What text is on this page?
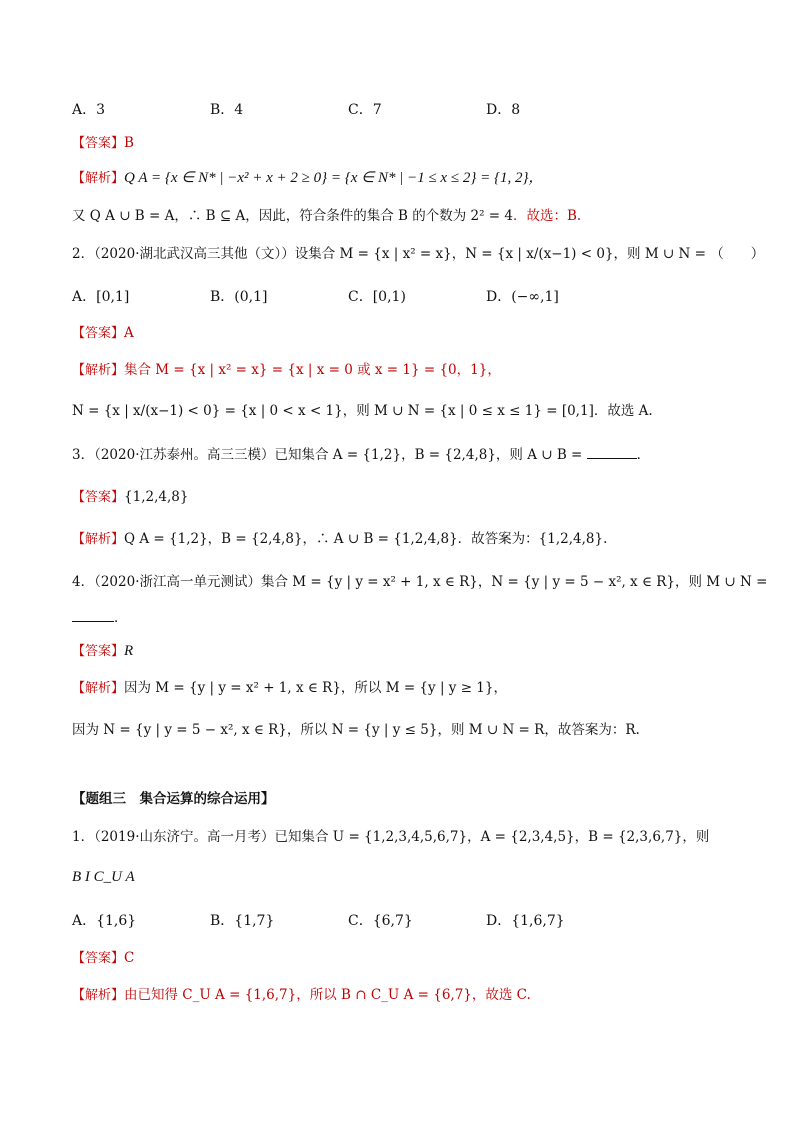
A．3	B．4	C．7	D．8
【答案】B
【解析】Q A = {x ∈ N* | −x² + x + 2 ≥ 0} = {x ∈ N* | −1 ≤ x ≤ 2} = {1, 2}，
又 Q A ∪ B = A，∴ B ⊆ A，因此，符合条件的集合 B 的个数为 2² = 4．故选：B.
2．（2020·湖北武汉高三其他（文））设集合 M = {x | x² = x}，N = {x | x/(x−1) < 0}，则 M ∪ N = （　　）
A．[0,1]	B．(0,1]	C．[0,1)	D．(−∞,1]
【答案】A
【解析】集合 M = {x | x² = x} = {x | x = 0 或 x = 1} = {0，1}，
N = {x | x/(x−1) < 0} = {x | 0 < x < 1}，则 M ∪ N = {x | 0 ≤ x ≤ 1} = [0,1]．故选 A.
3．（2020·江苏泰州。高三三模）已知集合 A = {1,2}，B = {2,4,8}，则 A ∪ B =	．
【答案】{1,2,4,8}
【解析】Q A = {1,2}，B = {2,4,8}，∴ A ∪ B = {1,2,4,8}．故答案为：{1,2,4,8}.
4．（2020·浙江高一单元测试）集合 M = {y | y = x² + 1, x ∈ R}，N = {y | y = 5 − x², x ∈ R}，则 M ∪ N =
．
【答案】R
【解析】因为 M = {y | y = x² + 1, x ∈ R}，所以 M = {y | y ≥ 1}，
因为 N = {y | y = 5 − x², x ∈ R}，所以 N = {y | y ≤ 5}，则 M ∪ N = R，故答案为：R.
【题组三　集合运算的综合运用】
1．（2019·山东济宁。高一月考）已知集合 U = {1,2,3,4,5,6,7}，A = {2,3,4,5}，B = {2,3,6,7}，则
B I C_U A
A．{1,6}	B．{1,7}	C．{6,7}	D．{1,6,7}
【答案】C
【解析】由已知得 C_U A = {1,6,7}，所以 B ∩ C_U A = {6,7}，故选 C.
